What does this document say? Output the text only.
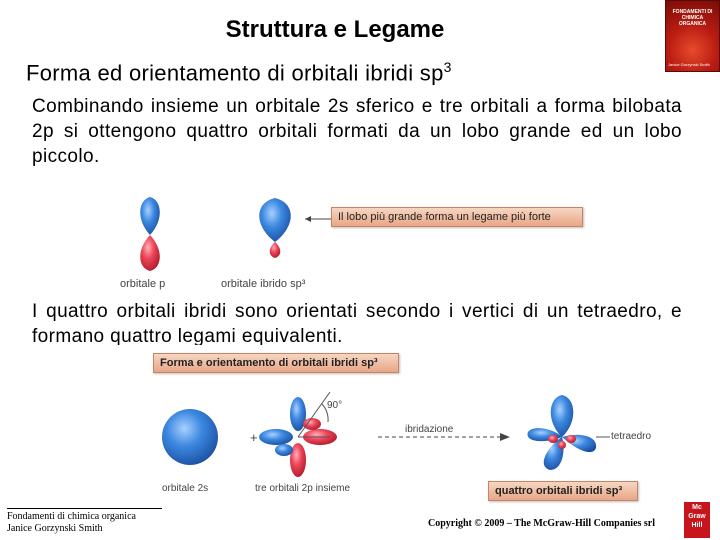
Struttura e Legame
Forma ed orientamento di orbitali ibridi $sp^3$
FONDAMENTI DI CHIMICA ORGANICA
Janice Gorzynski Smith
Combinando insieme un orbitale 2s sferico e tre orbitali a forma bilobata 2p si ottengono quattro orbitali formati da un lobo grande ed un lobo piccolo.
I quattro orbitali ibridi sono orientati secondo i vertici di un tetraedro, e formano quattro legami equivalenti.
Il lobo più grande forma un legame più forte
orbitale p	orbitale ibrido sp³
Forma e orientamento di orbitali ibridi sp³
90°
+
ibridazione
tetraedro
orbitale 2s	tre orbitali 2p insieme	quattro orbitali ibridi sp³
Fondamenti di chimica organica
Janice Gorzynski Smith	Copyright © 2009 – The McGraw-Hill Companies srl
Mc
Graw
Hill
